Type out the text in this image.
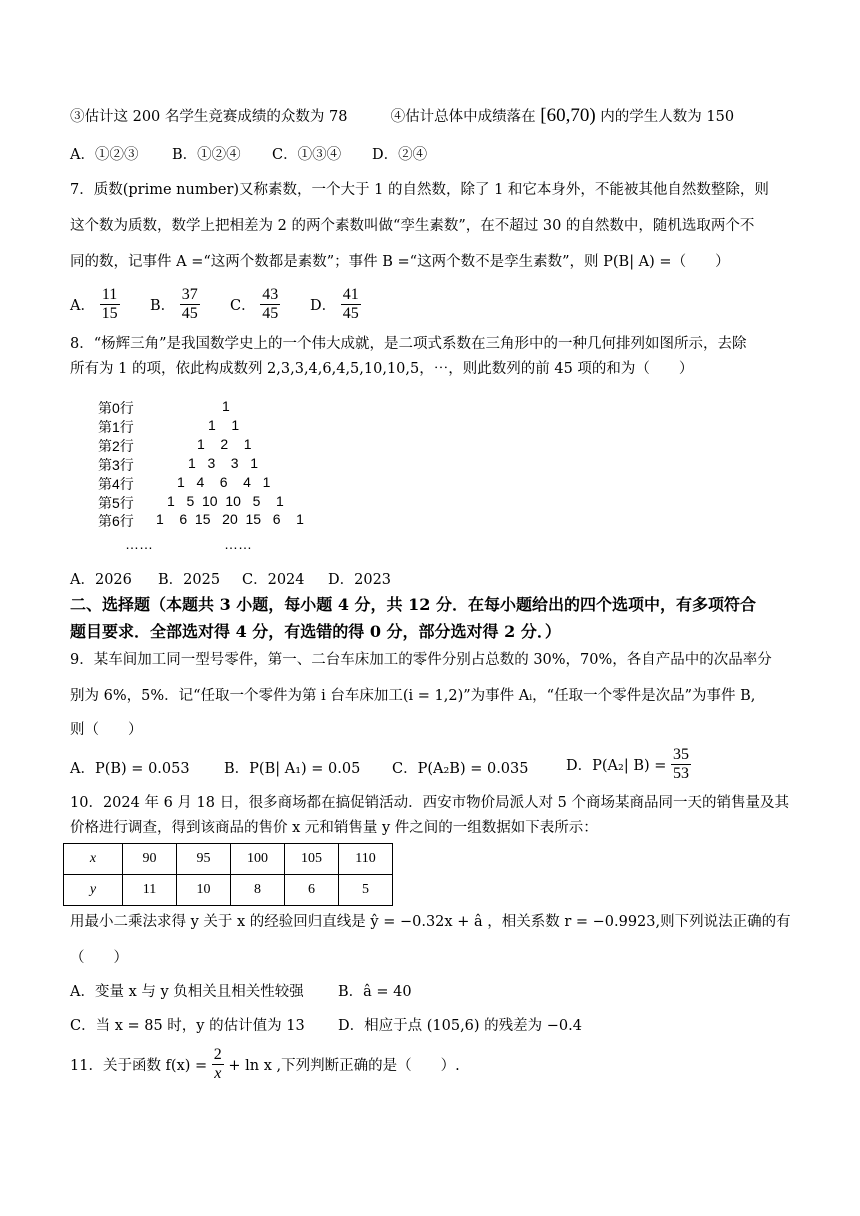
③估计这 200 名学生竞赛成绩的众数为 78	④估计总体中成绩落在 [60,70) 内的学生人数为 150
A．①②③ B．①②④ C．①③④ D．②④
7．质数(prime number)又称素数，一个大于 1 的自然数，除了 1 和它本身外，不能被其他自然数整除，则
这个数为质数，数学上把相差为 2 的两个素数叫做“孪生素数”，在不超过 30 的自然数中，随机选取两个不
同的数，记事件 A =“这两个数都是素数”；事件 B =“这两个数不是孪生素数”，则 P(B| A) =（　　）
A． $\frac{11}{15}$ B． $\frac{37}{45}$ C． $\frac{43}{45}$ D． $\frac{41}{45}$
8．“杨辉三角”是我国数学史上的一个伟大成就，是二项式系数在三角形中的一种几何排列如图所示，去除
所有为 1 的项，依此构成数列 2,3,3,4,6,4,5,10,10,5，⋯，则此数列的前 45 项的和为（　　）
第0行	1
第1行	1    1
第2行	1    2    1
第3行	1   3    3   1
第4行	1   4    6    4   1
第5行 1   5  10  10   5    1
第6行 1    6  15   20  15   6    1
……	……
A．2026 B．2025 C．2024 D．2023
二、选择题（本题共 3 小题，每小题 4 分，共 12 分．在每小题给出的四个选项中，有多项符合
题目要求．全部选对得 4 分，有选错的得 0 分，部分选对得 2 分．）
9．某车间加工同一型号零件，第一、二台车床加工的零件分别占总数的 30%，70%，各自产品中的次品率分
别为 6%，5%．记“任取一个零件为第 i 台车床加工(i = 1,2)”为事件 Aᵢ，“任取一个零件是次品”为事件 B,
则（　　）
A．P(B) = 0.053 B．P(B| A₁) = 0.05 C．P(A₂B) = 0.035	D．P(A₂| $B) = \frac{35}{53}$
10．2024 年 6 月 18 日，很多商场都在搞促销活动．西安市物价局派人对 5 个商场某商品同一天的销售量及其
价格进行调查，得到该商品的售价 x 元和销售量 y 件之间的一组数据如下表所示：
x	90	95	100	105	110
y	11	10	8	6	5
用最小二乘法求得 y 关于 x 的经验回归直线是 ŷ = −0.32x + â ，相关系数 r = −0.9923,则下列说法正确的有
（　　）
A．变量 x 与 y 负相关且相关性较强 B．â = 40
C．当 x = 85 时，y 的估计值为 13 D．相应于点 (105,6) 的残差为 −0.4
11．关于函数 $f(x) = \frac{2}{x} + \ln x$ ,下列判断正确的是（　　）.
